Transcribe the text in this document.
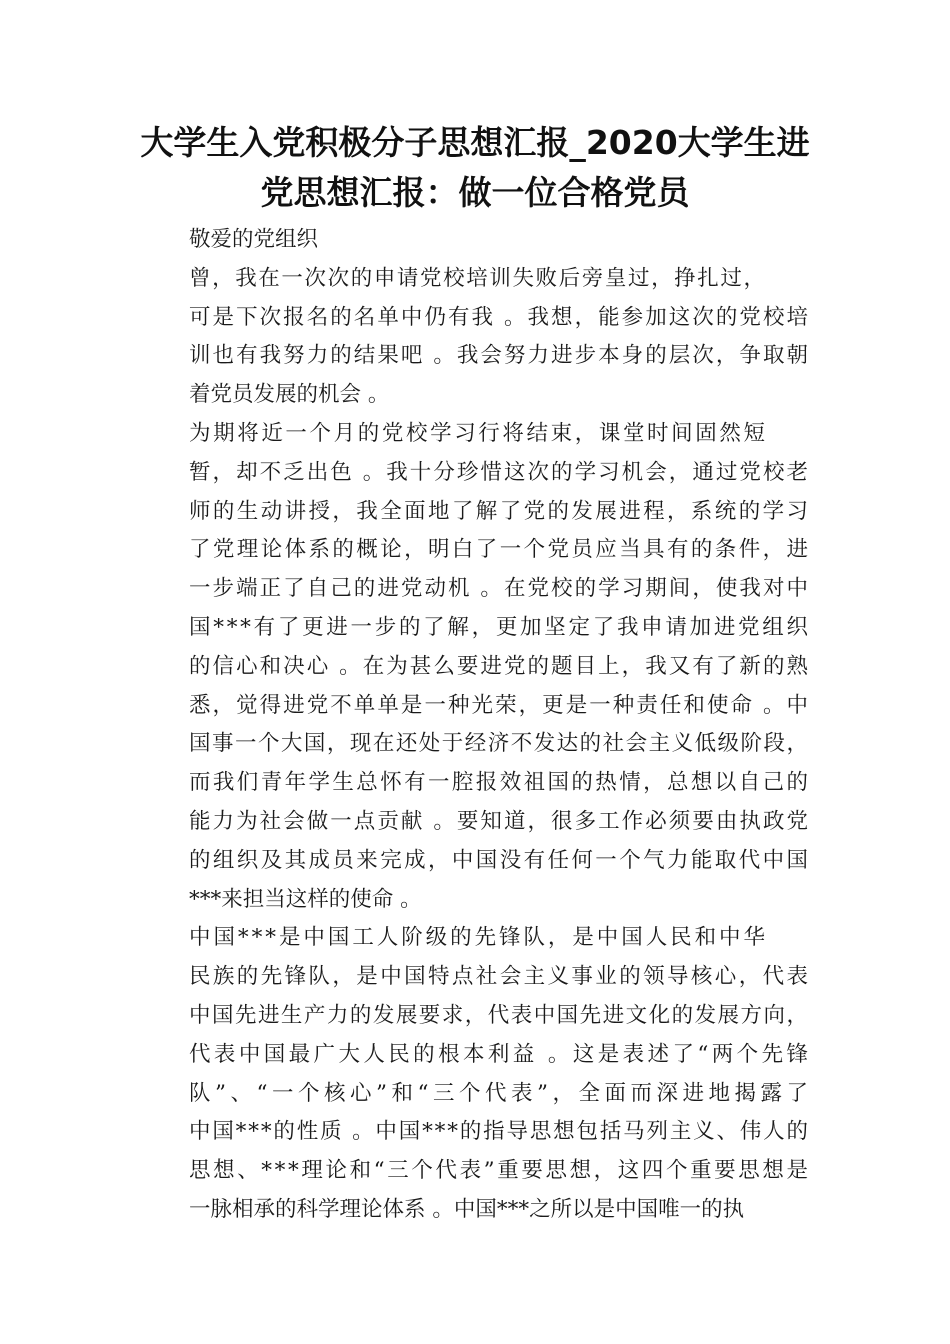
大学生入党积极分子思想汇报_2020大学生进
党思想汇报：做一位合格党员

敬爱的党组织

曾，我在一次次的申请党校培训失败后旁皇过，挣扎过，
可是下次报名的名单中仍有我 。我想，能参加这次的党校培
训也有我努力的结果吧 。我会努力进步本身的层次，争取朝
着党员发展的机会 。

为期将近一个月的党校学习行将结束，课堂时间固然短
暂，却不乏出色 。我十分珍惜这次的学习机会，通过党校老
师的生动讲授，我全面地了解了党的发展进程，系统的学习
了党理论体系的概论，明白了一个党员应当具有的条件，进
一步端正了自己的进党动机 。在党校的学习期间，使我对中
国***有了更进一步的了解，更加坚定了我申请加进党组织
的信心和决心 。在为甚么要进党的题目上，我又有了新的熟
悉，觉得进党不单单是一种光荣，更是一种责任和使命 。中
国事一个大国，现在还处于经济不发达的社会主义低级阶段，
而我们青年学生总怀有一腔报效祖国的热情，总想以自己的
能力为社会做一点贡献 。要知道，很多工作必须要由执政党
的组织及其成员来完成，中国没有任何一个气力能取代中国
***来担当这样的使命 。

中国***是中国工人阶级的先锋队，是中国人民和中华
民族的先锋队，是中国特点社会主义事业的领导核心，代表
中国先进生产力的发展要求，代表中国先进文化的发展方向，
代表中国最广大人民的根本利益 。这是表述了“两个先锋
队”、“一个核心”和“三个代表”，全面而深进地揭露了
中国***的性质 。中国***的指导思想包括马列主义、伟人的
思想、***理论和“三个代表”重要思想，这四个重要思想是
一脉相承的科学理论体系 。中国***之所以是中国唯一的执
